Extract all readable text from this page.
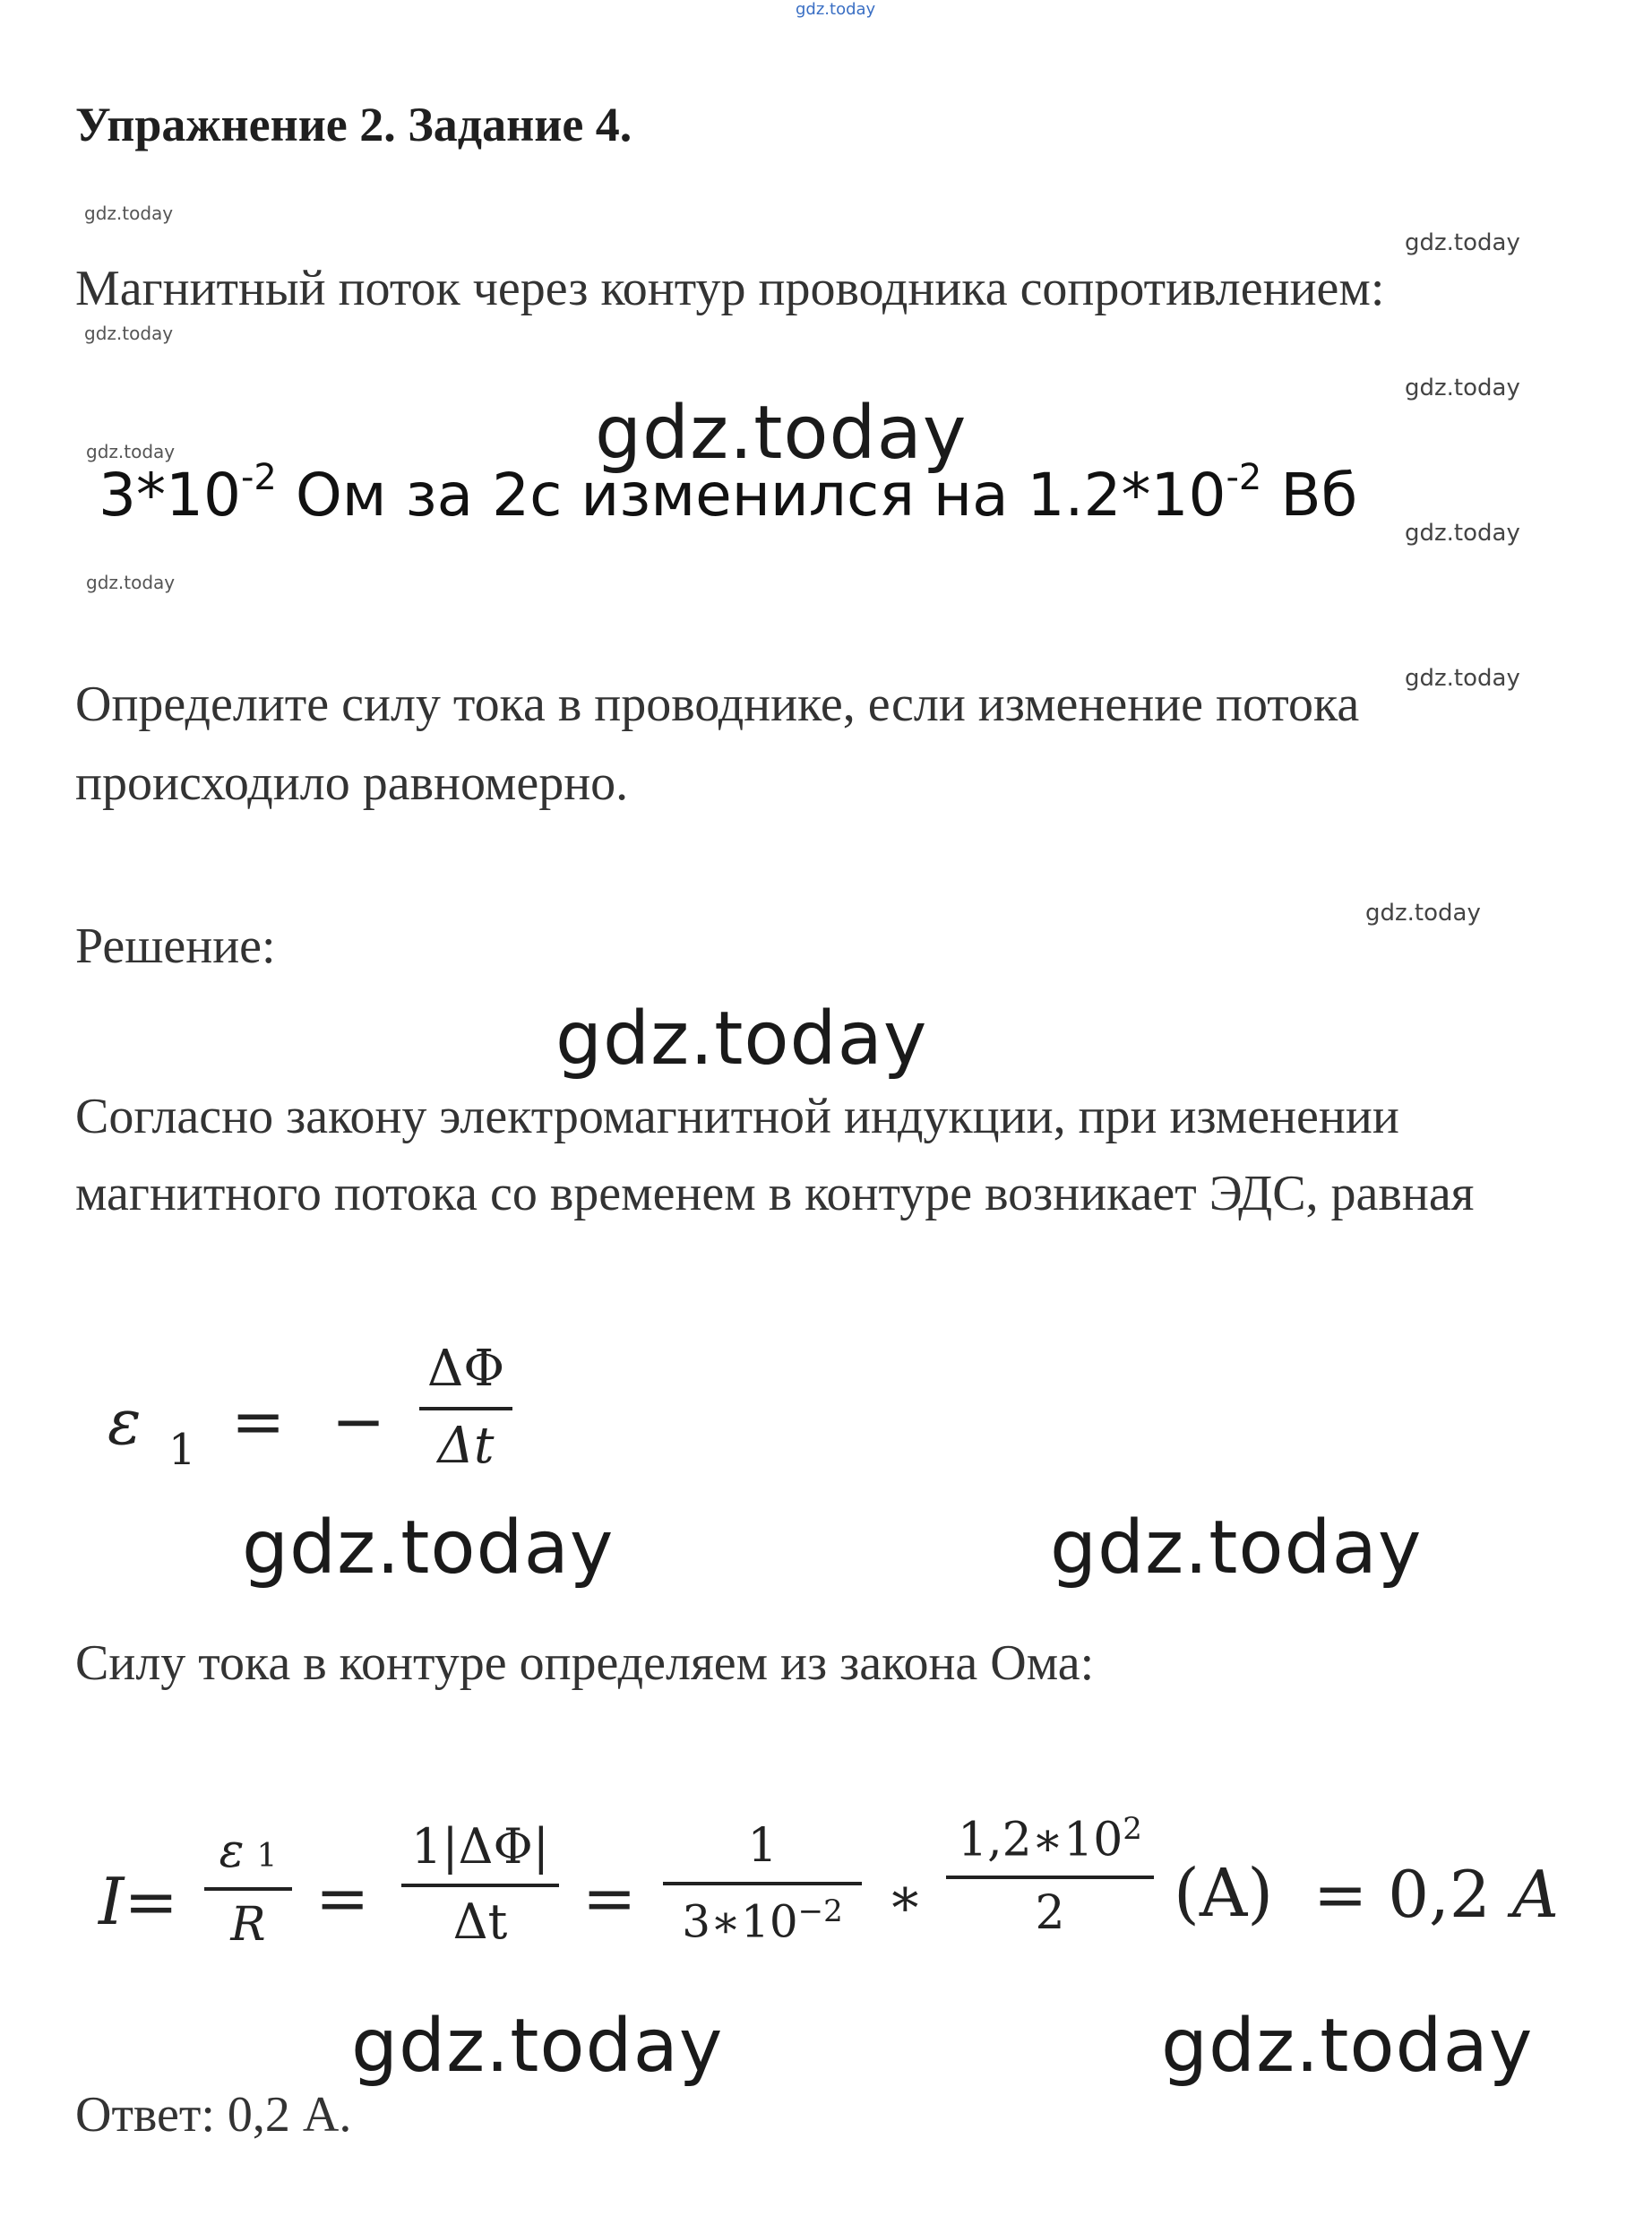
gdz.today
Упражнение 2. Задание 4.
gdz.today
gdz.today
Магнитный поток через контур проводника сопротивлением:
gdz.today
gdz.today
gdz.today
gdz.today
$3*10^{-2}$ Ом за 2с изменился на $1.2*10^{-2}$ Вб
gdz.today
gdz.today
gdz.today
Определите силу тока в проводнике, если изменение потока
происходило равномерно.
gdz.today
Решение:
gdz.today
Согласно закону электромагнитной индукции, при изменении
магнитного потока со временем в контуре возникает ЭДС, равная
ε 1 = −
ΔΦ
Δt
gdz.today	gdz.today
Силу тока в контуре определяем из закона Ома:
I=
ε 1
R =
1|ΔΦ|
Δt =
1
$3∗10^{-2}$ ∗
$1,2∗10^2$
2 (A) = 0,2 A
gdz.today	gdz.today
Ответ: 0,2 А.
